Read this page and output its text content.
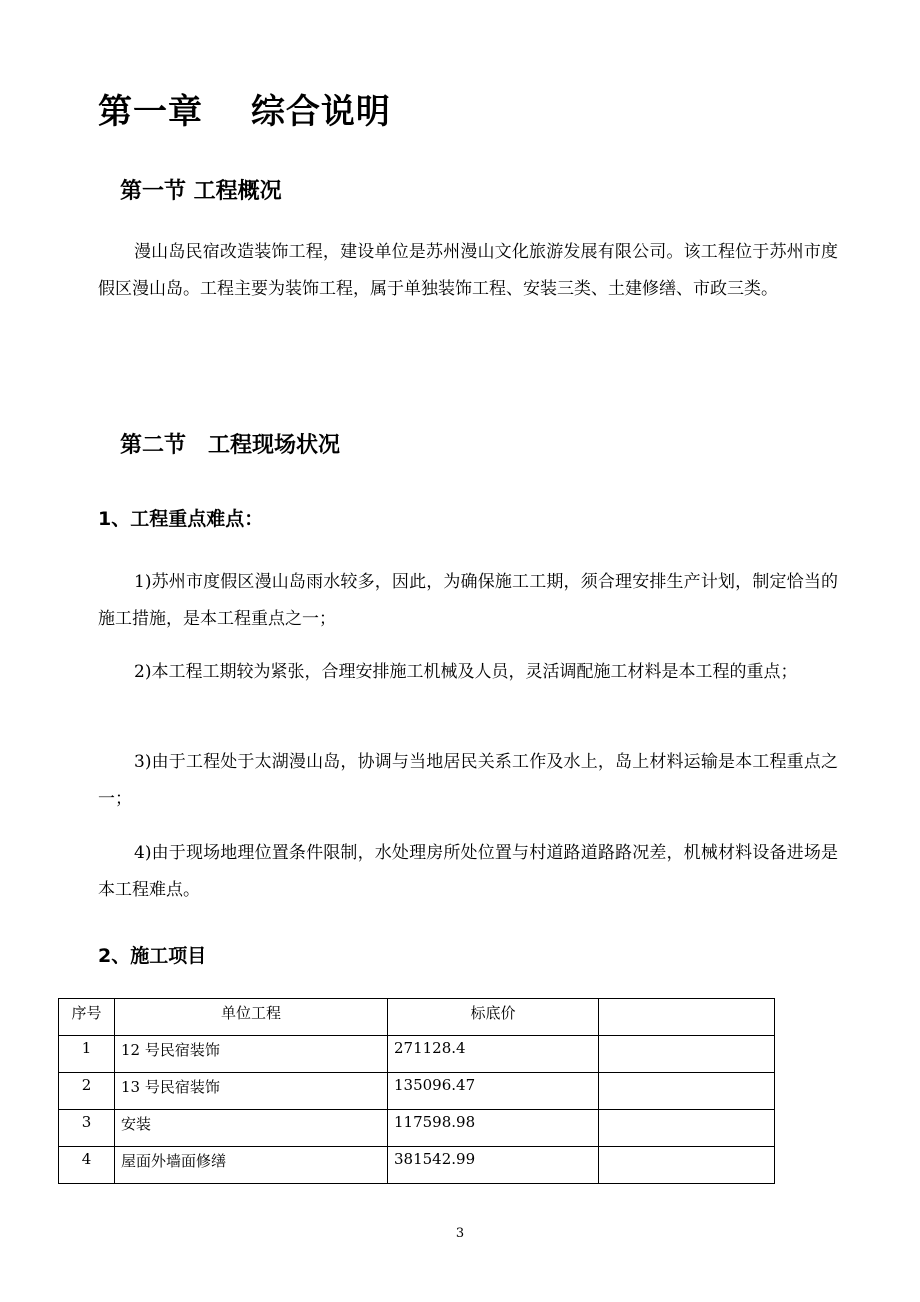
第一章　 综合说明
第一节 工程概况

漫山岛民宿改造装饰工程，建设单位是苏州漫山文化旅游发展有限公司。该工程位于苏州市度假区漫山岛。工程主要为装饰工程，属于单独装饰工程、安装三类、土建修缮、市政三类。

第二节　工程现场状况
1、工程重点难点：

1)苏州市度假区漫山岛雨水较多，因此，为确保施工工期，须合理安排生产计划，制定恰当的施工措施，是本工程重点之一；

2)本工程工期较为紧张，合理安排施工机械及人员，灵活调配施工材料是本工程的重点；

3)由于工程处于太湖漫山岛，协调与当地居民关系工作及水上，岛上材料运输是本工程重点之一；

4)由于现场地理位置条件限制，水处理房所处位置与村道路道路路况差，机械材料设备进场是本工程难点。

2、施工项目
序号	单位工程	标底价	
1	12 号民宿装饰	271128.4	
2	13 号民宿装饰	135096.47	
3	安装	117598.98	
4	屋面外墙面修缮	381542.99	

3
